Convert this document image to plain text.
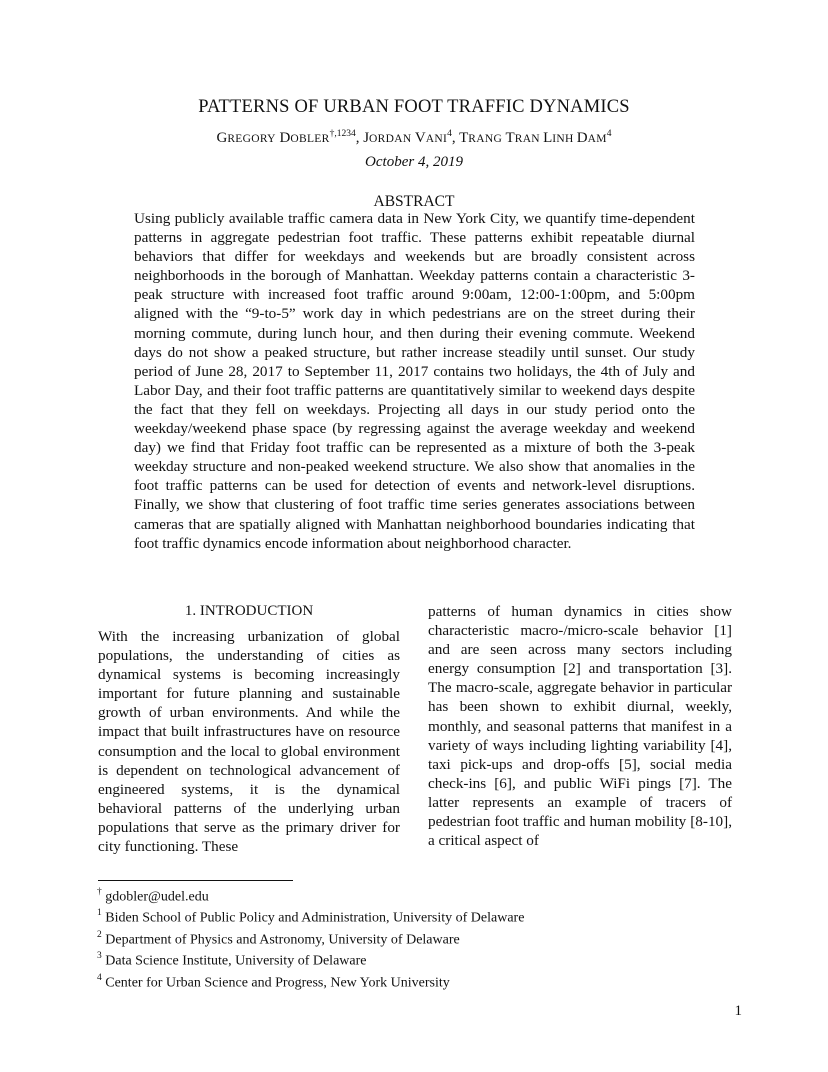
PATTERNS OF URBAN FOOT TRAFFIC DYNAMICS
GREGORY $DOBLER^{\dagger,1234}$, JORDAN VANI$^4$, TRANG TRAN LINH DAM$^4$
October 4, 2019
ABSTRACT
Using publicly available traffic camera data in New York City, we quantify time-dependent patterns in aggregate pedestrian foot traffic. These patterns exhibit repeatable diurnal behaviors that differ for weekdays and weekends but are broadly consistent across neighborhoods in the borough of Manhattan. Weekday patterns contain a characteristic 3-peak structure with increased foot traffic around 9:00am, 12:00-1:00pm, and 5:00pm aligned with the “9-to-5” work day in which pedestrians are on the street during their morning commute, during lunch hour, and then during their evening commute. Weekend days do not show a peaked structure, but rather increase steadily until sunset. Our study period of June 28, 2017 to September 11, 2017 contains two holidays, the 4th of July and Labor Day, and their foot traffic patterns are quantitatively similar to weekend days despite the fact that they fell on weekdays. Projecting all days in our study period onto the weekday/weekend phase space (by regressing against the average weekday and weekend day) we find that Friday foot traffic can be represented as a mixture of both the 3-peak weekday structure and non-peaked weekend structure. We also show that anomalies in the foot traffic patterns can be used for detection of events and network-level disruptions. Finally, we show that clustering of foot traffic time series generates associations between cameras that are spatially aligned with Manhattan neighborhood boundaries indicating that foot traffic dynamics encode information about neighborhood character.
1. INTRODUCTION
With the increasing urbanization of global populations, the understanding of cities as dynamical systems is becoming increasingly important for future planning and sustainable growth of urban environments. And while the impact that built infrastructures have on resource consumption and the local to global environment is dependent on technological advancement of engineered systems, it is the dynamical behavioral patterns of the underlying urban populations that serve as the primary driver for city functioning. These
patterns of human dynamics in cities show characteristic macro-/micro-scale behavior [1] and are seen across many sectors including energy consumption [2] and transportation [3]. The macro-scale, aggregate behavior in particular has been shown to exhibit diurnal, weekly, monthly, and seasonal patterns that manifest in a variety of ways including lighting variability [4], taxi pick-ups and drop-offs [5], social media check-ins [6], and public WiFi pings [7]. The latter represents an example of tracers of pedestrian foot traffic and human mobility [8-10], a critical aspect of
† gdobler@udel.edu
$^1$ Biden School of Public Policy and Administration, University of Delaware
$^2$ Department of Physics and Astronomy, University of Delaware
$^3$ Data Science Institute, University of Delaware
$^4$ Center for Urban Science and Progress, New York University
1
